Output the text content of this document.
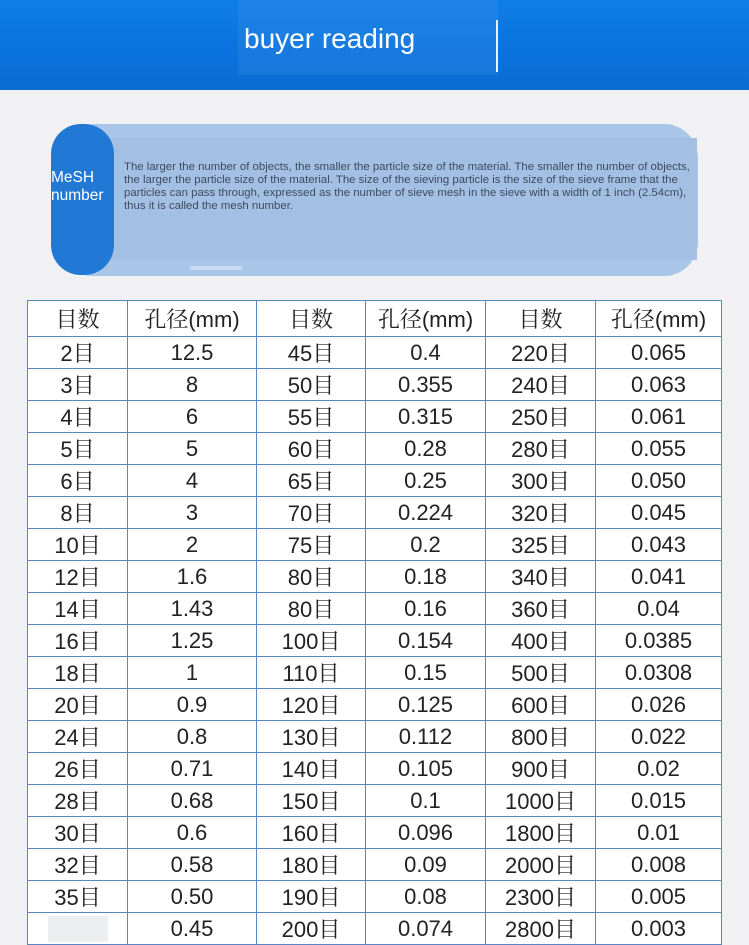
buyer reading
MeSH
number
The larger the number of objects, the smaller the particle size of the material. The smaller the number of objects, the larger the particle size of the material. The size of the sieving particle is the size of the sieve frame that the particles can pass through, expressed as the number of sieve mesh in the sieve with a width of 1 inch (2.54cm), thus it is called the mesh number.
目数	孔径(mm)	目数	孔径(mm)	目数	孔径(mm)
2目	12.5	45目	0.4	220目	0.065
3目	8	50目	0.355	240目	0.063
4目	6	55目	0.315	250目	0.061
5目	5	60目	0.28	280目	0.055
6目	4	65目	0.25	300目	0.050
8目	3	70目	0.224	320目	0.045
10目	2	75目	0.2	325目	0.043
12目	1.6	80目	0.18	340目	0.041
14目	1.43	80目	0.16	360目	0.04
16目	1.25	100目	0.154	400目	0.0385
18目	1	110目	0.15	500目	0.0308
20目	0.9	120目	0.125	600目	0.026
24目	0.8	130目	0.112	800目	0.022
26目	0.71	140目	0.105	900目	0.02
28目	0.68	150目	0.1	1000目	0.015
30目	0.6	160目	0.096	1800目	0.01
32目	0.58	180目	0.09	2000目	0.008
35目	0.50	190目	0.08	2300目	0.005
	0.45	200目	0.074	2800目	0.003
